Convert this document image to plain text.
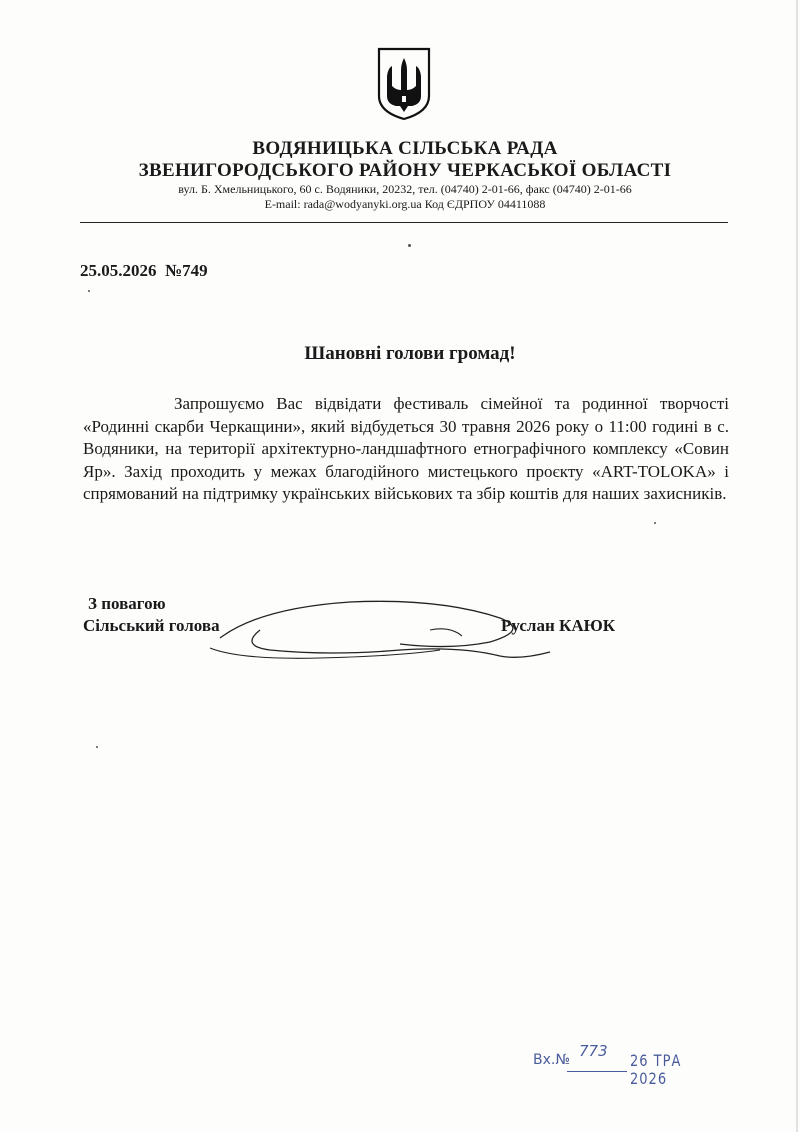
ВОДЯНИЦЬКА СІЛЬСЬКА РАДА
ЗВЕНИГОРОДСЬКОГО РАЙОНУ ЧЕРКАСЬКОЇ ОБЛАСТІ
вул. Б. Хмельницького, 60 с. Водяники, 20232, тел. (04740) 2-01-66, факс (04740) 2-01-66
E-mail: rada@wodyanyki.org.ua Код ЄДРПОУ 04411088
25.05.2026 №749
Шановні голови громад!
Запрошуємо Вас відвідати фестиваль сімейної та родинної творчості «Родинні скарби Черкащини», який відбудеться 30 травня 2026 року о 11:00 годині в с. Водяники, на території архітектурно-ландшафтного етнографічного комплексу «Совин Яр». Захід проходить у межах благодійного мистецького проєкту «ART-TOLOKA» і спрямований на підтримку українських військових та збір коштів для наших захисників.
З повагою
Сільський голова	Руслан КАЮК
Вх.№ 773
26 ТРА 2026
